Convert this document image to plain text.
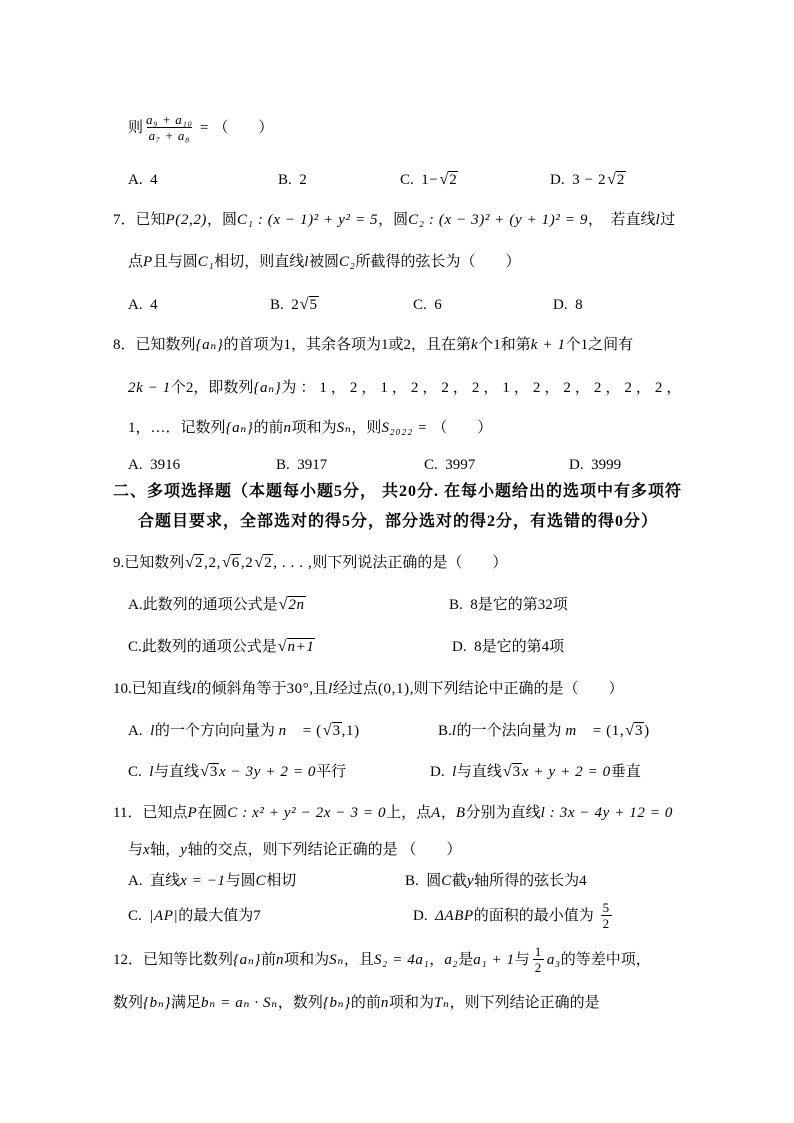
则 $\frac{\text{a₉ + a₁₀}}{\text{a₇ + a₈}}$ = （　　）
A.  4	B.  2	C. 1− √ 2	D. 3 − 2 √ 2
7．已知 P(2,2) ，圆 C₁ : (x − 1)² + y² = 5 ，圆 C₂ : (x − 3)² + (y + 1)² = 9 ，　若直线 l 过
点 P 且与圆 C₁ 相切，则直线 l 被圆 C₂ 所截得的弦长为（　　）
A.  4	B.  2 √ 5	C.  6	D.  8
8．已知数列 {aₙ} 的首项为1，其余各项为1或2，且在第 k 个1和第 k + 1 个1之间有
2k − 1 个2，即数列 {aₙ} 为：1，2，1，2，2，2，1，2，2，2，2，2，
1，…．记数列 {aₙ} 的前 n 项和为 Sₙ ，则 S₂₀₂₂ = （　　）
A.  3916	B.  3917	C.  3997	D.  3999
二、多项选择题（本题每小题5分， 共20分. 在每小题给出的选项中有多项符
合题目要求，全部选对的得5分，部分选对的得2分，有选错的得0分）
9.已知数列 √ 2 ,2, √ 6 ,2 √ 2 , . . . , 则下列说法正确的是（　　）
A.此数列的通项公式是 √ 2n	B.  8是它的第32项
C.此数列的通项公式是 √ n+1	D.  8是它的第4项
10.已知直线 l 的倾斜角等于 30° ,且 l 经过点 (0,1) ,则下列结论中正确的是（　　）
A. l 的一个方向向量为 n⃗ = ( √ 3 ,1)	B. l 的一个法向量为 m⃗ = (1, √ 3 )
C. l 与直线 √ 3 x − 3y + 2 = 0 平行	D. l 与直线 √ 3 x + y + 2 = 0 垂直
11．已知点 P 在圆 C : x² + y² − 2x − 3 = 0 上，点 A ， B 分别为直线 l : 3x − 4y + 12 = 0
与 x 轴， y 轴的交点，则下列结论正确的是 （　　）
A.  直线 x = −1 与圆 C 相切	B.  圆 C 截 y 轴所得的弦长为 4
C. |AP| 的最大值为 7	D. ΔABP 的面积的最小值为 $\frac{5}{2}$
12．已知等比数列 {aₙ} 前 n 项和为 Sₙ ，且 S₂ = 4a₁ ， a₂ 是 a₁ + 1 与 $\frac{1}{2} a_3$ 的等差中项，
数列 {bₙ} 满足 bₙ = aₙ · Sₙ ，数列 {bₙ} 的前 n 项和为 Tₙ ，则下列结论正确的是
